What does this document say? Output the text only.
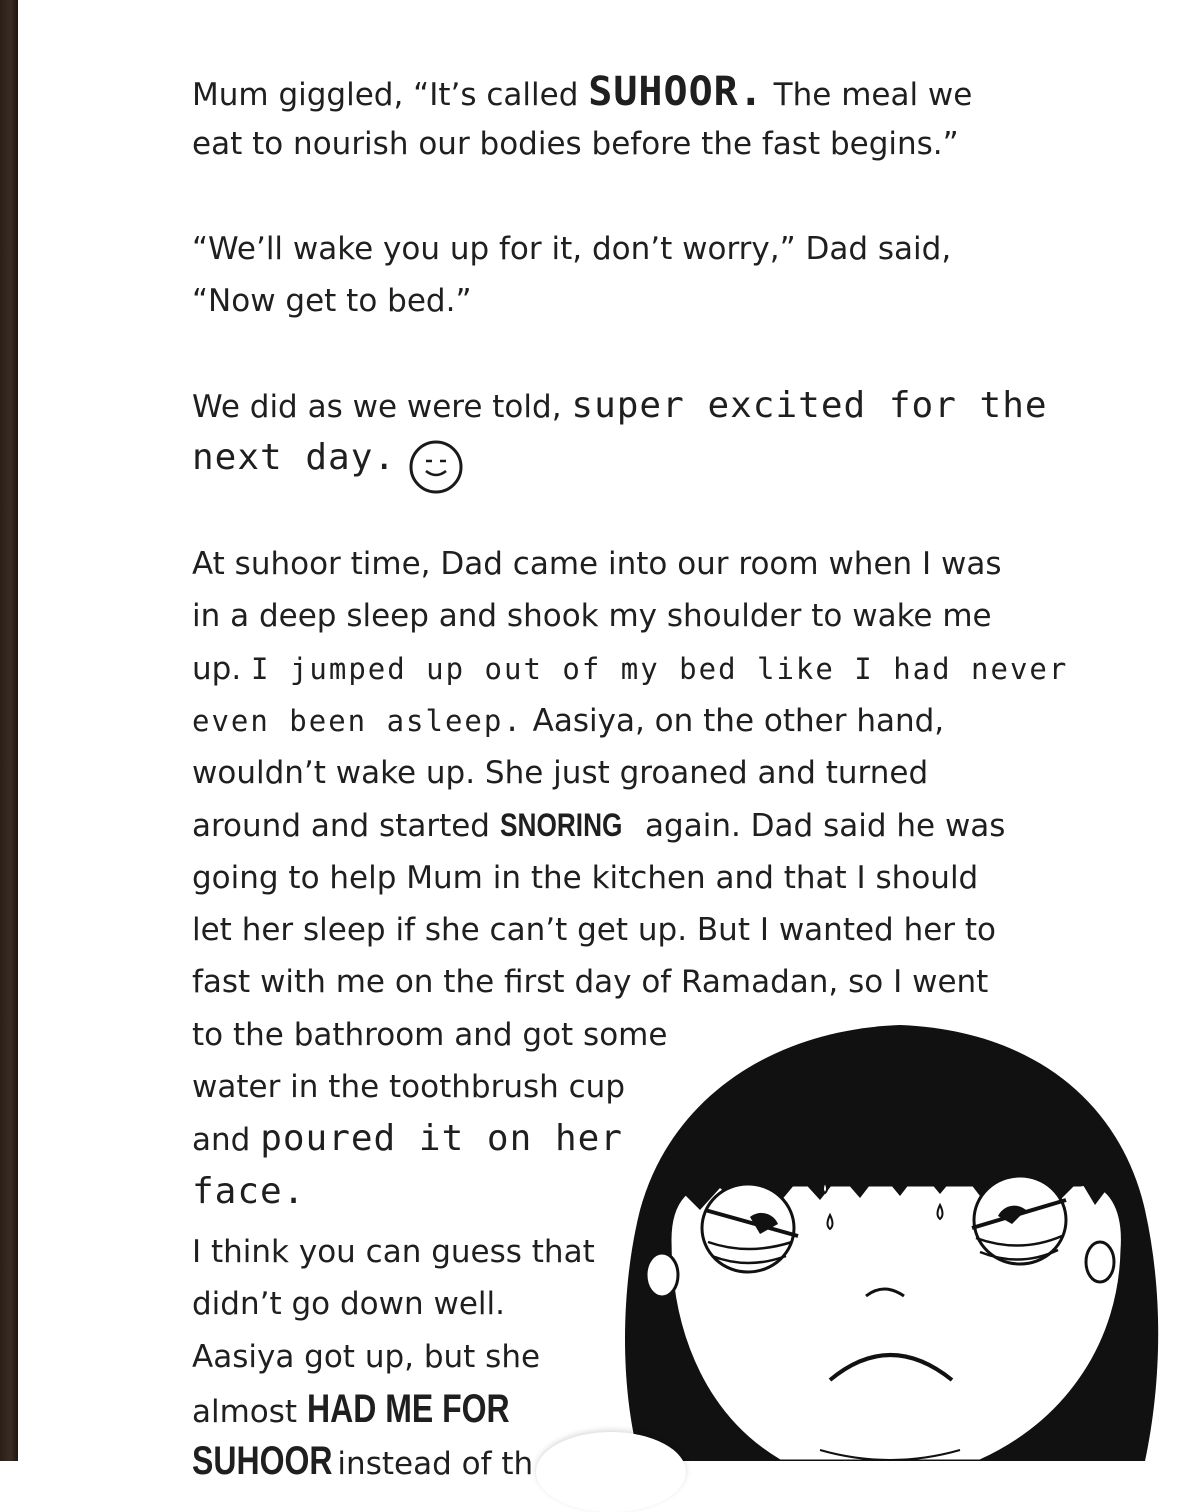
Mum giggled, “It’s called SUHOOR. The meal we
eat to nourish our bodies before the fast begins.”
“We’ll wake you up for it, don’t worry,” Dad said,
“Now get to bed.”
We did as we were told, super excited for the
next day.
At suhoor time, Dad came into our room when I was
in a deep sleep and shook my shoulder to wake me
up. I jumped up out of my bed like I had never
even been asleep. Aasiya, on the other hand,
wouldn’t wake up. She just groaned and turned
around and started SNORING again. Dad said he was
going to help Mum in the kitchen and that I should
let her sleep if she can’t get up. But I wanted her to
fast with me on the first day of Ramadan, so I went
to the bathroom and got some
water in the toothbrush cup
and poured it on her
face.
I think you can guess that
didn’t go down well.
Aasiya got up, but she
almost HAD ME FOR
SUHOOR instead of th
